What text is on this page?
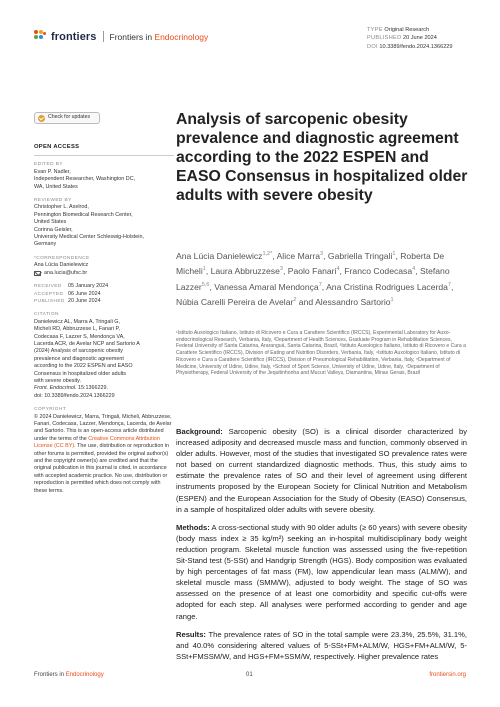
frontiers Frontiers in Endocrinology
TYPE Original Research
PUBLISHED 20 June 2024
DOI 10.3389/fendo.2024.1366229
Check for updates
OPEN ACCESS
EDITED BY
Evan P. Nadler,
Independent Researcher, Washington DC,
WA, United States
REVIEWED BY
Christopher L. Axelrod,
Pennington Biomedical Research Center,
United States
Corinna Geisler,
University Medical Center Schleswig-Holstein,
Germany
*CORRESPONDENCE
Ana Lúcia Danielewicz
ana.lucia@ufsc.br
RECEIVED	05 January 2024
ACCEPTED 06 June 2024
PUBLISHED 20 June 2024
CITATION
Danielewicz AL, Marra A, Tringali G,
Micheli RD, Abbruzzese L, Fanari P,
Codecasa F, Lazzer S, Mendonça VA,
Lacerda ACR, de Avelar NCP and Sartorio A
(2024) Analysis of sarcopenic obesity
prevalence and diagnostic agreement
according to the 2022 ESPEN and EASO
Consensus in hospitalized older adults
with severe obesity.
Front. Endocrinol. 15:1366229.
doi: 10.3389/fendo.2024.1366229
COPYRIGHT
© 2024 Danielewicz, Marra, Tringali, Micheli, Abbruzzese, Fanari, Codecasa, Lazzer, Mendonça, Lacerda, de Avelar and Sartorio. This is an open-access article distributed under the terms of the Creative Commons Attribution License (CC BY). The use, distribution or reproduction in other forums is permitted, provided the original author(s) and the copyright owner(s) are credited and that the original publication in this journal is cited, in accordance with accepted academic practice. No use, distribution or reproduction is permitted which does not comply with these terms.
Analysis of sarcopenic obesity prevalence and diagnostic agreement according to the 2022 ESPEN and EASO Consensus in hospitalized older adults with severe obesity
Ana Lúcia Danielewicz$^{1,2*}$, Alice Marra$^3$, Gabriella Tringali$^1$, Roberta De Micheli$^1$, Laura Abbruzzese$^3$, Paolo Fanari$^4$, Franco Codecasa$^4$, Stefano Lazzer$^{5,6}$, Vanessa Amaral Mendonça$^7$, Ana Cristina Rodrigues Lacerda$^7$, Núbia Carelli Pereira de Avelar$^2$ and Alessandro Sartorio$^1$
¹Istituto Auxologico Italiano, Istituto di Ricovero e Cura a Carattere Scientifico (IRCCS), Experimental Laboratory for Auxo-endocrinological Research, Verbania, Italy, ²Department of Health Sciences, Graduate Program in Rehabilitation Sciences, Federal University of Santa Catarina, Araranguá, Santa Catarina, Brazil, ³Istituto Auxologico Italiano, Istituto di Ricovero e Cura a Carattere Scientifico (IRCCS), Division of Eating and Nutrition Disorders, Verbania, Italy, ⁴Istituto Auxologico Italiano, Istituto di Ricovero e Cura a Carattere Scientifico (IRCCS), Division of Pneumological Rehabilitation, Verbania, Italy, ⁵Department of Medicine, University of Udine, Udine, Italy, ⁶School of Sport Science, University of Udine, Udine, Italy, ⁷Department of Physiotherapy, Federal University of the Jequitinhonha and Mucuri Valleys, Diamantina, Minas Gerais, Brazil

Background: Sarcopenic obesity (SO) is a clinical disorder characterized by increased adiposity and decreased muscle mass and function, commonly observed in older adults. However, most of the studies that investigated SO prevalence rates were not based on current standardized diagnostic methods. Thus, this study aims to estimate the prevalence rates of SO and their level of agreement using different instruments proposed by the European Society for Clinical Nutrition and Metabolism (ESPEN) and the European Association for the Study of Obesity (EASO) Consensus, in a sample of hospitalized older adults with severe obesity.

Methods: A cross-sectional study with 90 older adults (≥ 60 years) with severe obesity (body mass index ≥ 35 kg/m²) seeking an in-hospital multidisciplinary body weight reduction program. Skeletal muscle function was assessed using the five-repetition Sit-Stand test (5-SSt) and Handgrip Strength (HGS). Body composition was evaluated by high percentages of fat mass (FM), low appendicular lean mass (ALM/W), and skeletal muscle mass (SMM/W), adjusted to body weight. The stage of SO was assessed on the presence of at least one comorbidity and specific cut-offs were adopted for each step. All analyses were performed according to gender and age range.

Results: The prevalence rates of SO in the total sample were 23.3%, 25.5%, 31.1%, and 40.0% considering altered values of 5-SSt+FM+ALM/W, HGS+FM+ALM/W, 5-SSt+FMSSM/W, and HGS+FM+SSM/W, respectively. Higher prevalence rates

Frontiers in Endocrinology	01	frontiersin.org
